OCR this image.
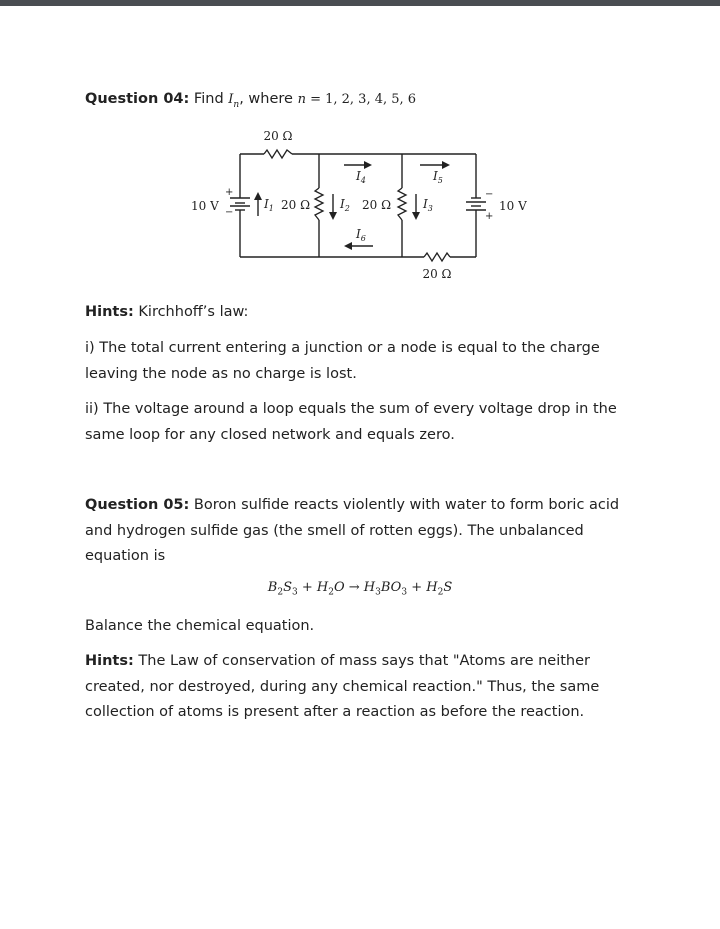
Question 04: Find $I_n$, where n = 1, 2, 3, 4, 5, 6
20 Ω
20 Ω
20 Ω	20 Ω
10 V	10 V
+
−	+
−
$I_1$	$I_2$	$I_3$
$I_4$	$I_5$
$I_6$
Hints: Kirchhoff’s law:
i) The total current entering a junction or a node is equal to the charge
leaving the node as no charge is lost.
ii) The voltage around a loop equals the sum of every voltage drop in the
same loop for any closed network and equals zero.
Question 05: Boron sulfide reacts violently with water to form boric acid
and hydrogen sulfide gas (the smell of rotten eggs). The unbalanced
equation is
$B_2S_3 + H_2O \to H_3BO_3 + H_2S$
Balance the chemical equation.
Hints: The Law of conservation of mass says that "Atoms are neither
created, nor destroyed, during any chemical reaction." Thus, the same
collection of atoms is present after a reaction as before the reaction.
